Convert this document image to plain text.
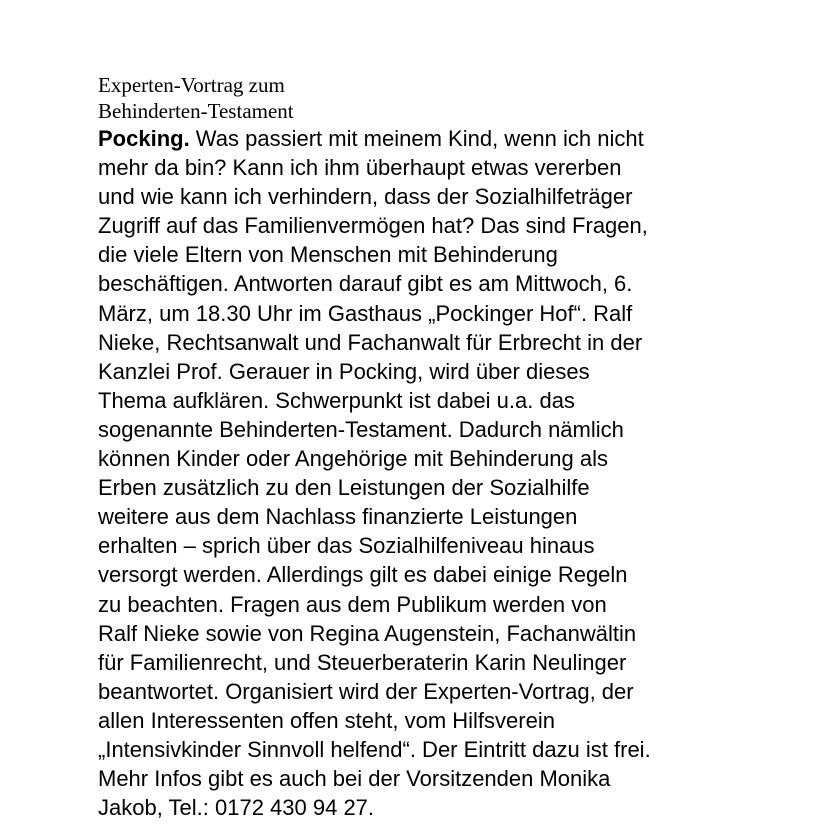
Experten-Vortrag zum
Behinderten-Testament
Pocking. Was passiert mit meinem Kind, wenn ich nicht
mehr da bin? Kann ich ihm überhaupt etwas vererben
und wie kann ich verhindern, dass der Sozialhilfeträger
Zugriff auf das Familienvermögen hat? Das sind Fragen,
die viele Eltern von Menschen mit Behinderung
beschäftigen. Antworten darauf gibt es am Mittwoch, 6.
März, um 18.30 Uhr im Gasthaus „Pockinger Hof“. Ralf
Nieke, Rechtsanwalt und Fachanwalt für Erbrecht in der
Kanzlei Prof. Gerauer in Pocking, wird über dieses
Thema aufklären. Schwerpunkt ist dabei u.a. das
sogenannte Behinderten-Testament. Dadurch nämlich
können Kinder oder Angehörige mit Behinderung als
Erben zusätzlich zu den Leistungen der Sozialhilfe
weitere aus dem Nachlass finanzierte Leistungen
erhalten – sprich über das Sozialhilfeniveau hinaus
versorgt werden. Allerdings gilt es dabei einige Regeln
zu beachten. Fragen aus dem Publikum werden von
Ralf Nieke sowie von Regina Augenstein, Fachanwältin
für Familienrecht, und Steuerberaterin Karin Neulinger
beantwortet. Organisiert wird der Experten-Vortrag, der
allen Interessenten offen steht, vom Hilfsverein
„Intensivkinder Sinnvoll helfend“. Der Eintritt dazu ist frei.
Mehr Infos gibt es auch bei der Vorsitzenden Monika
Jakob, Tel.: 0172 430 94 27.
